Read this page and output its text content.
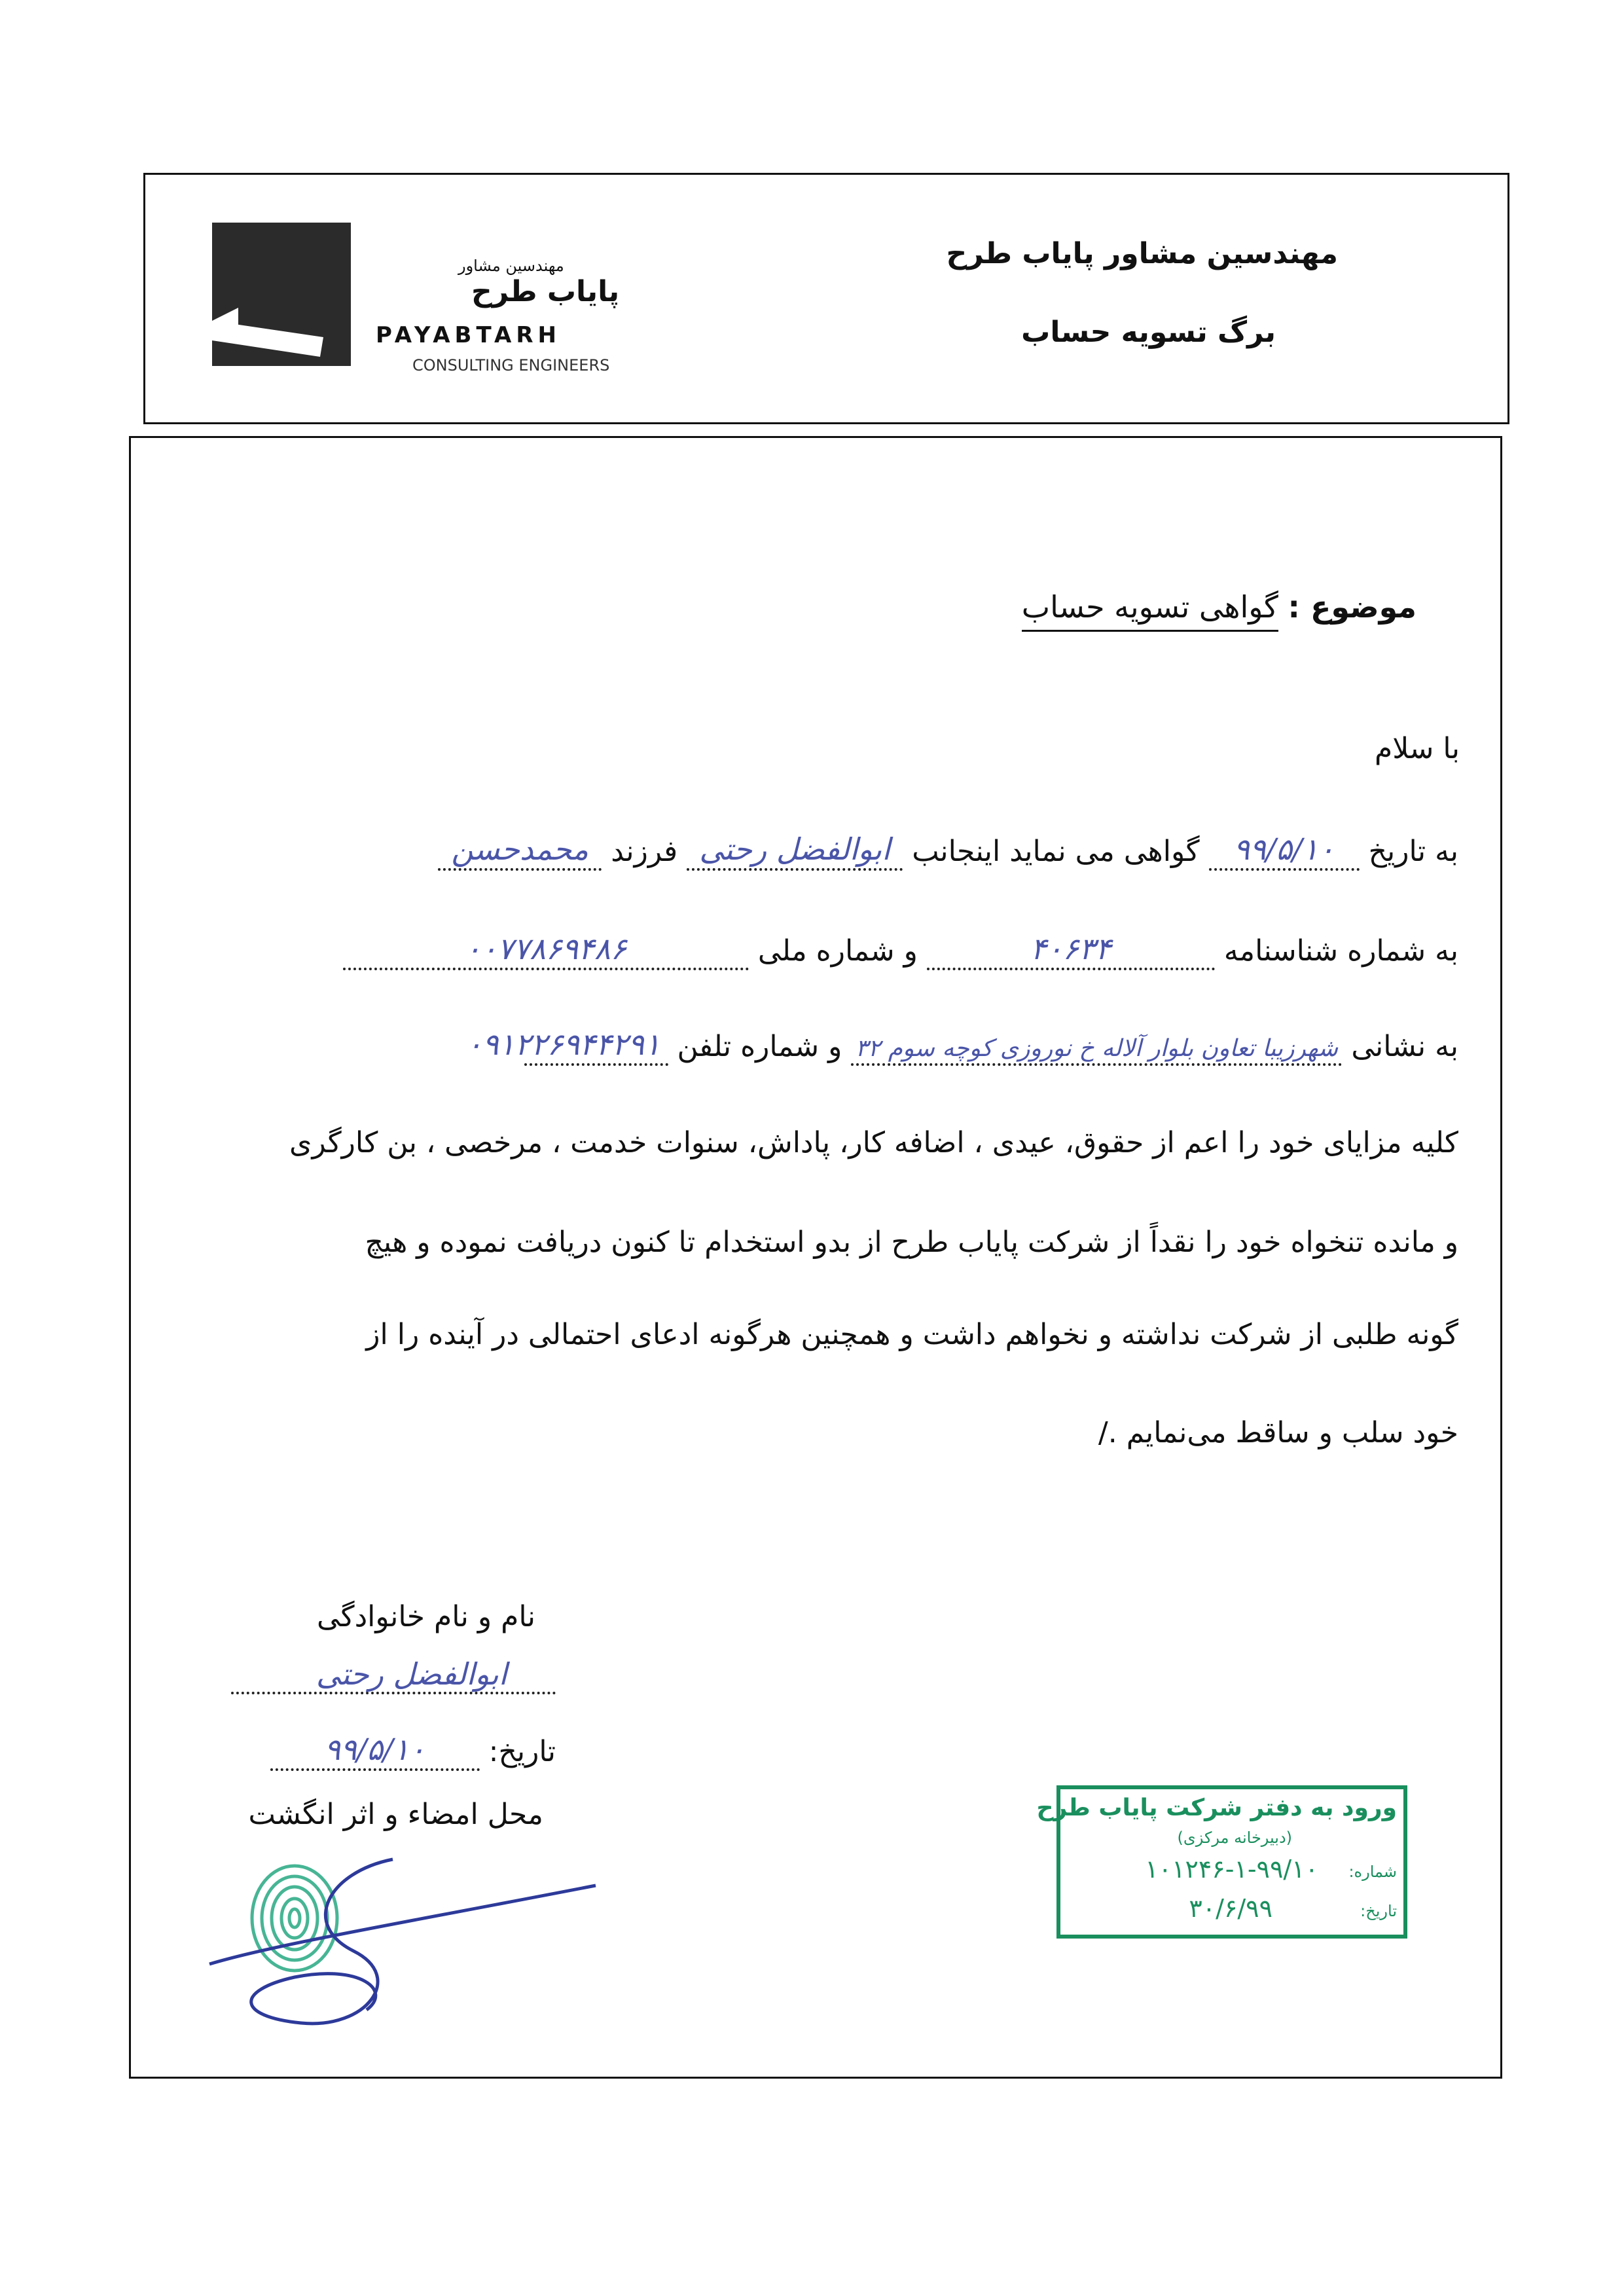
مهندسین مشاور
پایاب طرح
PAYABTARH
CONSULTING ENGINEERS
مهندسین مشاور پایاب طرح
برگ تسویه حساب
موضوع : گواهی تسویه حساب
با سلام
به تاریخ
۹۹/۵/۱۰
گواهی می نماید اینجانب
ابوالفضل رحتی
فرزند
محمدحسن

به شماره شناسنامه
۴۰۶۳۴
و شماره ملی
۰۰۷۷۸۶۹۴۸۶

به نشانی
شهرزیبا تعاون بلوار آلاله خ نوروزی کوچه سوم ۳۲
و شماره تلفن
۰۹۱۲۲۶۹۴۴۲۹۱

کلیه مزایای خود را اعم از حقوق، عیدی ، اضافه کار، پاداش، سنوات خدمت ، مرخصی ، بن کارگری
و مانده تنخواه خود را نقداً از شرکت پایاب طرح از بدو استخدام تا کنون دریافت نموده و هیچ
گونه طلبی از شرکت نداشته و نخواهم داشت و همچنین هرگونه ادعای احتمالی در آینده را از
خود سلب و ساقط می‌نمایم ./
نام و نام خانوادگی
ابوالفضل رحتی
تاریخ:
۹۹/۵/۱۰

محل امضاء و اثر انگشت	ورود به دفتر شرکت پایاب طرح
(دبیرخانه مرکزی)
شماره:
۱۰۱۲۴۶-۱-۹۹/۱۰
تاریخ:
۳۰/۶/۹۹
